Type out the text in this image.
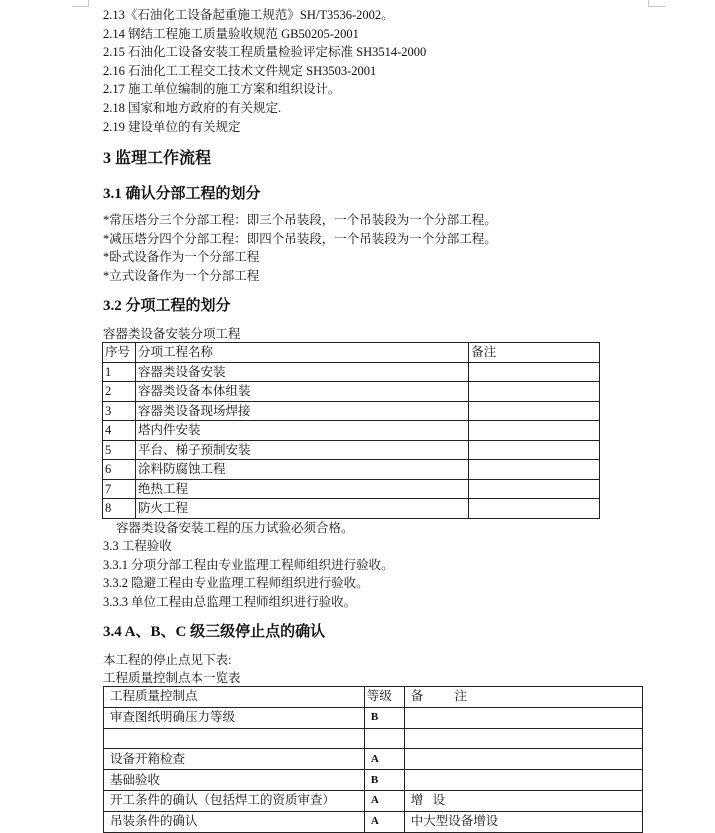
2.13《石油化工设备起重施工规范》SH/T3536-2002。
2.14 钢结工程施工质量验收规范 GB50205-2001
2.15 石油化工设备安装工程质量检验评定标准 SH3514-2000
2.16 石油化工工程交工技术文件规定 SH3503-2001
2.17 施工单位编制的施工方案和组织设计。
2.18 国家和地方政府的有关规定.
2.19 建设单位的有关规定
3 监理工作流程
3.1 确认分部工程的划分
*常压塔分三个分部工程：即三个吊装段，一个吊装段为一个分部工程。
*减压塔分四个分部工程：即四个吊装段，一个吊装段为一个分部工程。
*卧式设备作为一个分部工程
*立式设备作为一个分部工程
3.2 分项工程的划分
容器类设备安装分项工程
序号	分项工程名称	备注
1	容器类设备安装	
2	容器类设备本体组装	
3	容器类设备现场焊接	
4	塔内件安装	
5	平台、梯子预制安装	
6	涂料防腐蚀工程	
7	绝热工程	
8	防火工程	
容器类设备安装工程的压力试验必须合格。
3.3 工程验收
3.3.1 分项分部工程由专业监理工程师组织进行验收。
3.3.2 隐避工程由专业监理工程师组织进行验收。
3.3.3 单位工程由总监理工程师组织进行验收。
3.4 A、B、C 级三级停止点的确认
本工程的停止点见下表:
工程质量控制点本一览表
工程质量控制点	等级	备          注
审查图纸明确压力等级	B	

设备开箱检查	A	
基础验收	B	
开工条件的确认（包括焊工的资质审查）	A	增   设
吊装条件的确认	A	中大型设备增设
